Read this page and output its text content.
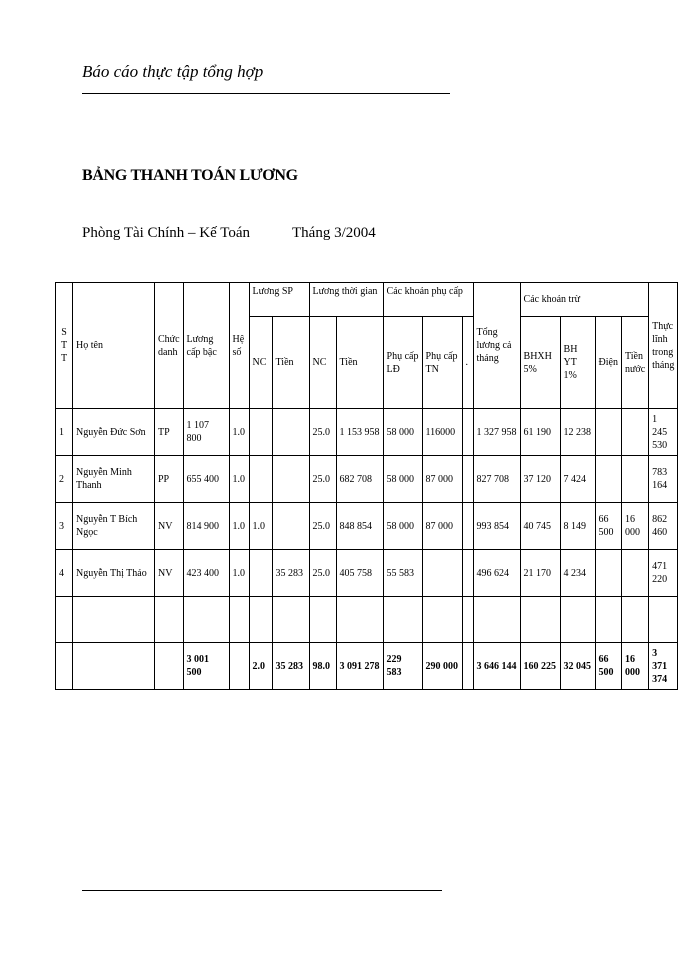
Báo cáo thực tập tổng hợp
BẢNG THANH TOÁN LƯƠNG
Phòng Tài Chính – Kế Toán	Tháng 3/2004
S T T	Họ tên	Chức danh	Lương cấp bậc	Hệ số	Lương SP		Lương thời gian		Các khoản phụ cấp			Tổng lương cả tháng	Các khoản trừ				Thực lĩnh trong tháng
					NC	Tiền	NC	Tiền	Phụ cấp LĐ	Phụ cấp TN	.		BHXH 5%	BH YT 1%	Điện	Tiền nước	
1	Nguyễn Đức Sơn	TP	1 107 800	1.0			25.0	1 153 958	58 000	116000		1 327 958	61 190	12 238			1 245 530
2	Nguyễn Minh Thanh	PP	655 400	1.0			25.0	682 708	58 000	87 000		827 708	37 120	7 424			783 164
3	Nguyễn T Bích Ngọc	NV	814 900	1.0	1.0		25.0	848 854	58 000	87 000		993 854	40 745	8 149	66 500	16 000	862 460
4	Nguyễn Thị Thảo	NV	423 400	1.0		35 283	25.0	405 758	55 583			496 624	21 170	4 234			471 220

			3 001 500		2.0	35 283	98.0	3 091 278	229 583	290 000		3 646 144	160 225	32 045	66 500	16 000	3 371 374
